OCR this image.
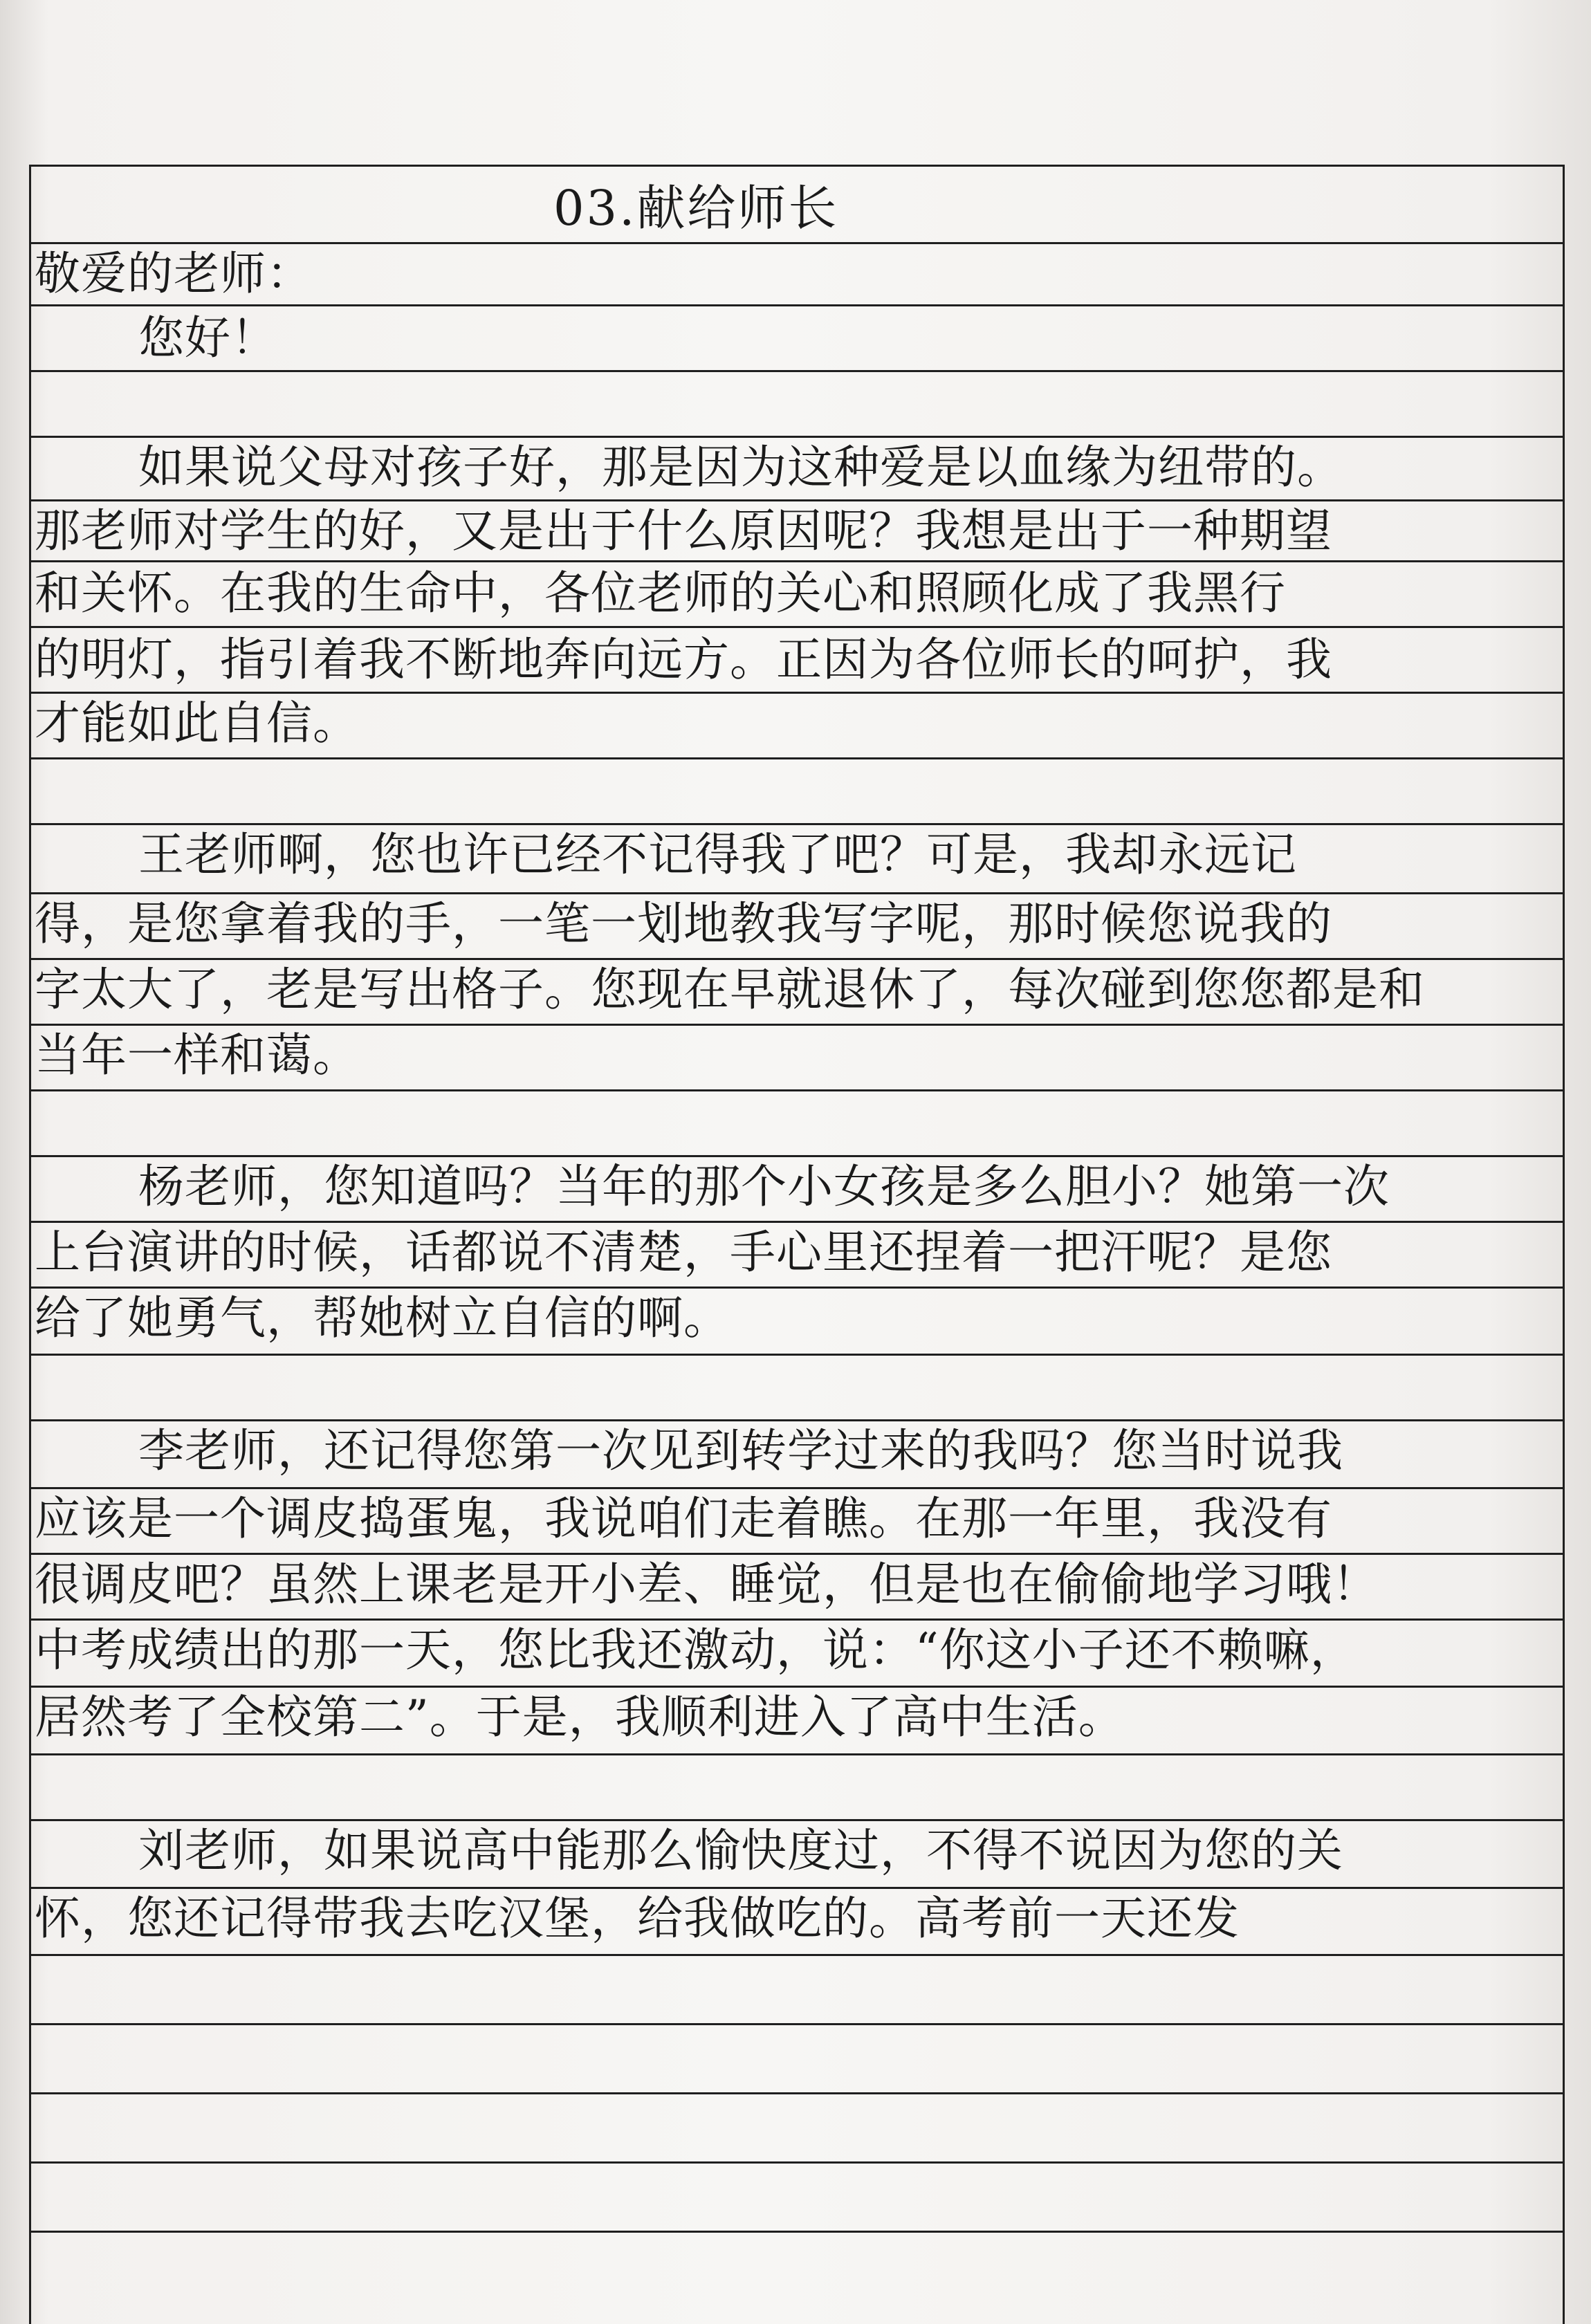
03.献给师长
敬爱的老师：
您好！
如果说父母对孩子好，那是因为这种爱是以血缘为纽带的。
那老师对学生的好，又是出于什么原因呢？我想是出于一种期望
和关怀。在我的生命中，各位老师的关心和照顾化成了我黑行
的明灯，指引着我不断地奔向远方。正因为各位师长的呵护，我
才能如此自信。
王老师啊，您也许已经不记得我了吧？可是，我却永远记
得，是您拿着我的手，一笔一划地教我写字呢，那时候您说我的
字太大了，老是写出格子。您现在早就退休了，每次碰到您您都是和
当年一样和蔼。
杨老师，您知道吗？当年的那个小女孩是多么胆小？她第一次
上台演讲的时候，话都说不清楚，手心里还捏着一把汗呢？是您
给了她勇气，帮她树立自信的啊。
李老师，还记得您第一次见到转学过来的我吗？您当时说我
应该是一个调皮捣蛋鬼，我说咱们走着瞧。在那一年里，我没有
很调皮吧？虽然上课老是开小差、睡觉，但是也在偷偷地学习哦！
中考成绩出的那一天，您比我还激动，说：“你这小子还不赖嘛，
居然考了全校第二”。于是，我顺利进入了高中生活。
刘老师，如果说高中能那么愉快度过，不得不说因为您的关
怀，您还记得带我去吃汉堡，给我做吃的。高考前一天还发
